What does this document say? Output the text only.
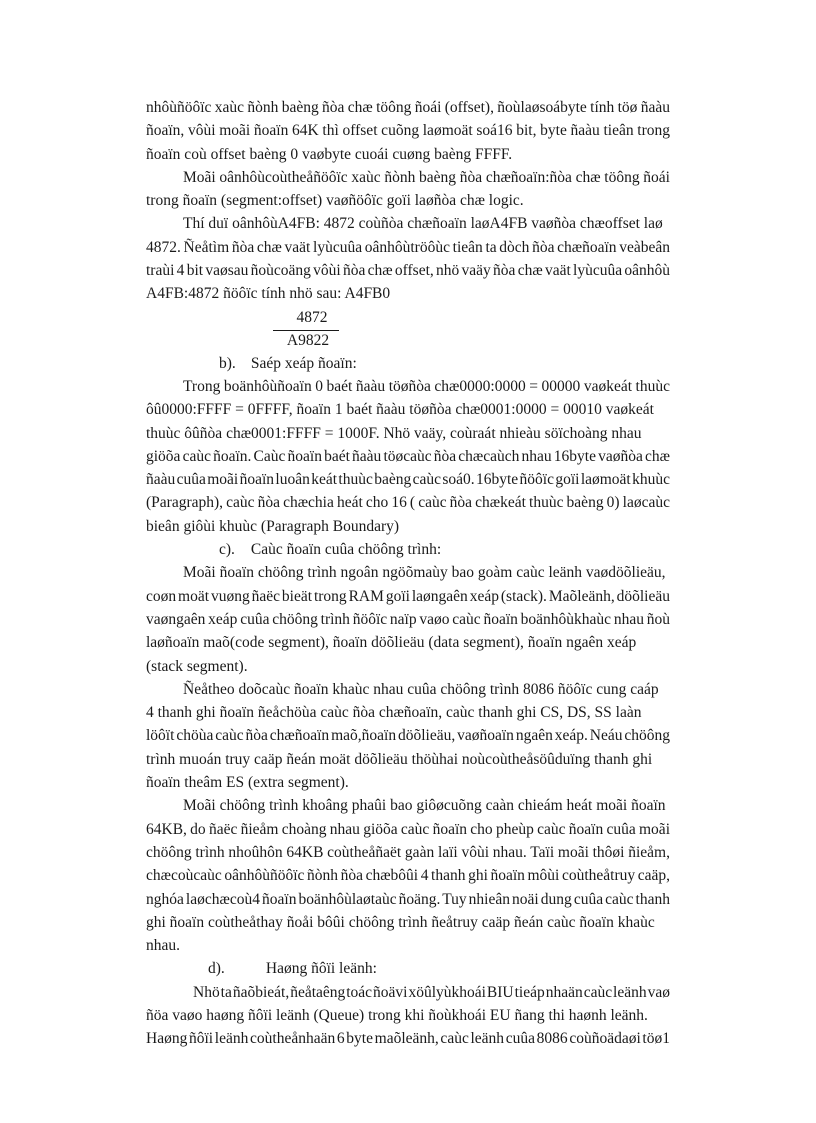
nhôùñöôïc xaùc ñònh baèng ñòa chæ töông ñoái (offset), ñoùlaøsoábyte tính töø ñaàu
ñoaïn, vôùi moãi ñoaïn 64K thì offset cuõng laømoät soá16 bit, byte ñaàu tieân trong
ñoaïn coù offset baèng 0 vaøbyte cuoái cuøng baèng FFFF.

Moãi oânhôùcoùtheåñöôïc xaùc ñònh baèng ñòa chæñoaïn:ñòa chæ töông ñoái
trong ñoaïn (segment:offset) vaøñöôïc goïi laøñòa chæ logic.

Thí duï oânhôùA4FB: 4872 coùñòa chæñoaïn laøA4FB vaøñòa chæoffset laø
4872. Ñeåtìm ñòa chæ vaät lyùcuûa oânhôùtröôùc tieân ta dòch ñòa chæñoaïn veàbeân
traùi 4 bit vaøsau ñoùcoäng vôùi ñòa chæ offset, nhö vaäy ñòa chæ vaät lyùcuûa oânhôù
A4FB:4872 ñöôïc tính nhö sau: A4FB0

4872
A9822

b). Saép xeáp ñoaïn:

Trong boänhôùñoaïn 0 baét ñaàu töøñòa chæ0000:0000 = 00000 vaøkeát thuùc
ôû0000:FFFF = 0FFFF, ñoaïn 1 baét ñaàu töøñòa chæ0001:0000 = 00010 vaøkeát
thuùc ôûñòa chæ0001:FFFF = 1000F. Nhö vaäy, coùraát nhieàu söïchoàng nhau
giöõa caùc ñoaïn. Caùc ñoaïn baét ñaàu töøcaùc ñòa chæcaùch nhau 16byte vaøñòa chæ
ñaàu cuûa moãi ñoaïn luoân keát thuùc baèng caùc soá0. 16byte ñöôïc goïi laømoät khuùc
(Paragraph), caùc ñòa chæchia heát cho 16 ( caùc ñòa chækeát thuùc baèng 0) laøcaùc
bieân giôùi khuùc (Paragraph Boundary)

c). Caùc ñoaïn cuûa chöông trình:

Moãi ñoaïn chöông trình ngoân ngöõmaùy bao goàm caùc leänh vaødöõlieäu,
coøn moät vuøng ñaëc bieät trong RAM goïi laøngaên xeáp (stack). Maõleänh, döõlieäu
vaøngaên xeáp cuûa chöông trình ñöôïc naïp vaøo caùc ñoaïn boänhôùkhaùc nhau ñoù
laøñoaïn maõ(code segment), ñoaïn döõlieäu (data segment), ñoaïn ngaên xeáp
(stack segment).

Ñeåtheo doõcaùc ñoaïn khaùc nhau cuûa chöông trình 8086 ñöôïc cung caáp
4 thanh ghi ñoaïn ñeåchöùa caùc ñòa chæñoaïn, caùc thanh ghi CS, DS, SS laàn
löôït chöùa caùc ñòa chæñoaïn maõ,ñoaïn döõlieäu, vaøñoaïn ngaên xeáp. Neáu chöông
trình muoán truy caäp ñeán moät döõlieäu thöùhai noùcoùtheåsöûduïng thanh ghi
ñoaïn theâm ES (extra segment).

Moãi chöông trình khoâng phaûi bao giôøcuõng caàn chieám heát moãi ñoaïn
64KB, do ñaëc ñieåm choàng nhau giöõa caùc ñoaïn cho pheùp caùc ñoaïn cuûa moãi
chöông trình nhoûhôn 64KB coùtheåñaët gaàn laïi vôùi nhau. Taïi moãi thôøi ñieåm,
chæcoùcaùc oânhôùñöôïc ñònh ñòa chæbôûi 4 thanh ghi ñoaïn môùi coùtheåtruy caäp,
nghóa laøchæcoù4 ñoaïn boänhôùlaøtaùc ñoäng. Tuy nhieân noäi dung cuûa caùc thanh
ghi ñoaïn coùtheåthay ñoåi bôûi chöông trình ñeåtruy caäp ñeán caùc ñoaïn khaùc
nhau.

d).	Haøng ñôïi leänh:

Nhö ta ñaõbieát, ñeåtaêng toác ñoävi xöûlyùkhoái BIU tieáp nhaän caùc leänh vaø
ñöa vaøo haøng ñôïi leänh (Queue) trong khi ñoùkhoái EU ñang thi haønh leänh.
Haøng ñôïi leänh coùtheånhaän 6 byte maõleänh, caùc leänh cuûa 8086 coùñoädaøi töø1
